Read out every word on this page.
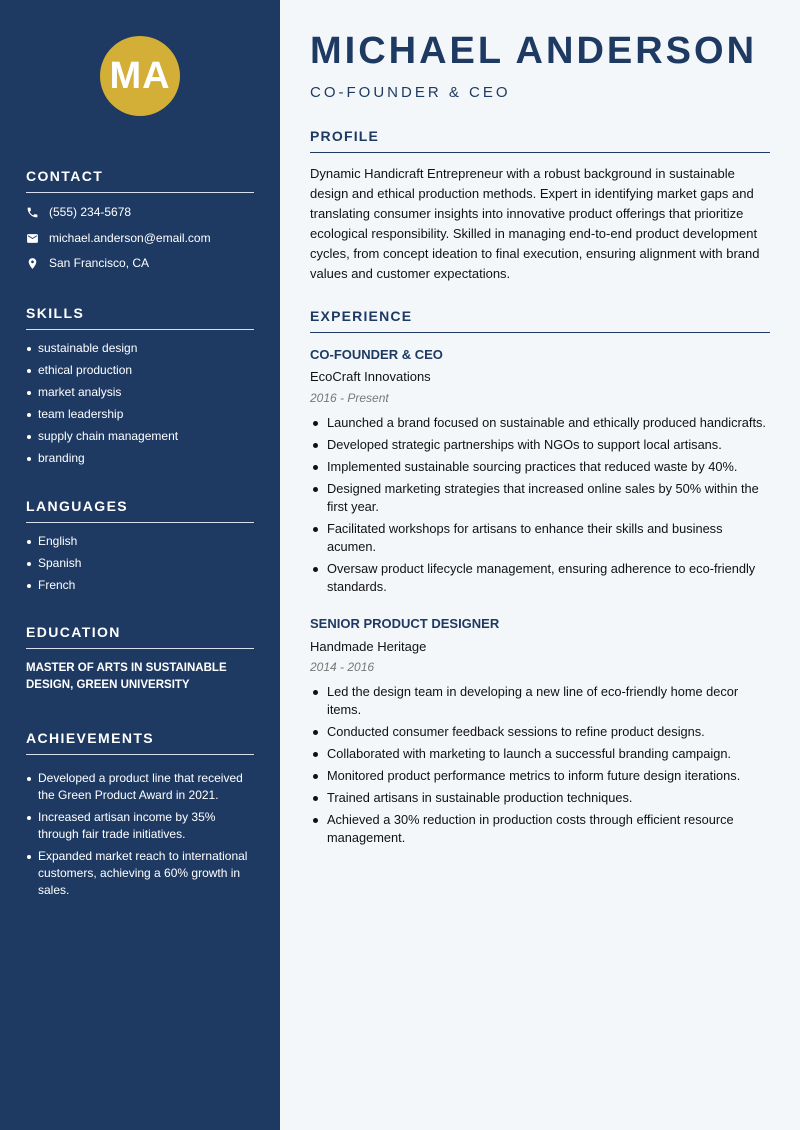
MA
CONTACT
(555) 234-5678
michael.anderson@email.com
San Francisco, CA
SKILLS
sustainable design
ethical production
market analysis
team leadership
supply chain management
branding
LANGUAGES
English
Spanish
French
EDUCATION
MASTER OF ARTS IN SUSTAINABLE DESIGN, GREEN UNIVERSITY
ACHIEVEMENTS
Developed a product line that received the Green Product Award in 2021.
Increased artisan income by 35% through fair trade initiatives.
Expanded market reach to international customers, achieving a 60% growth in sales.
MICHAEL ANDERSON
CO-FOUNDER & CEO
PROFILE
Dynamic Handicraft Entrepreneur with a robust background in sustainable design and ethical production methods. Expert in identifying market gaps and translating consumer insights into innovative product offerings that prioritize ecological responsibility. Skilled in managing end-to-end product development cycles, from concept ideation to final execution, ensuring alignment with brand values and customer expectations.
EXPERIENCE
CO-FOUNDER & CEO
EcoCraft Innovations
2016 - Present
Launched a brand focused on sustainable and ethically produced handicrafts.
Developed strategic partnerships with NGOs to support local artisans.
Implemented sustainable sourcing practices that reduced waste by 40%.
Designed marketing strategies that increased online sales by 50% within the first year.
Facilitated workshops for artisans to enhance their skills and business acumen.
Oversaw product lifecycle management, ensuring adherence to eco-friendly standards.
SENIOR PRODUCT DESIGNER
Handmade Heritage
2014 - 2016
Led the design team in developing a new line of eco-friendly home decor items.
Conducted consumer feedback sessions to refine product designs.
Collaborated with marketing to launch a successful branding campaign.
Monitored product performance metrics to inform future design iterations.
Trained artisans in sustainable production techniques.
Achieved a 30% reduction in production costs through efficient resource management.
